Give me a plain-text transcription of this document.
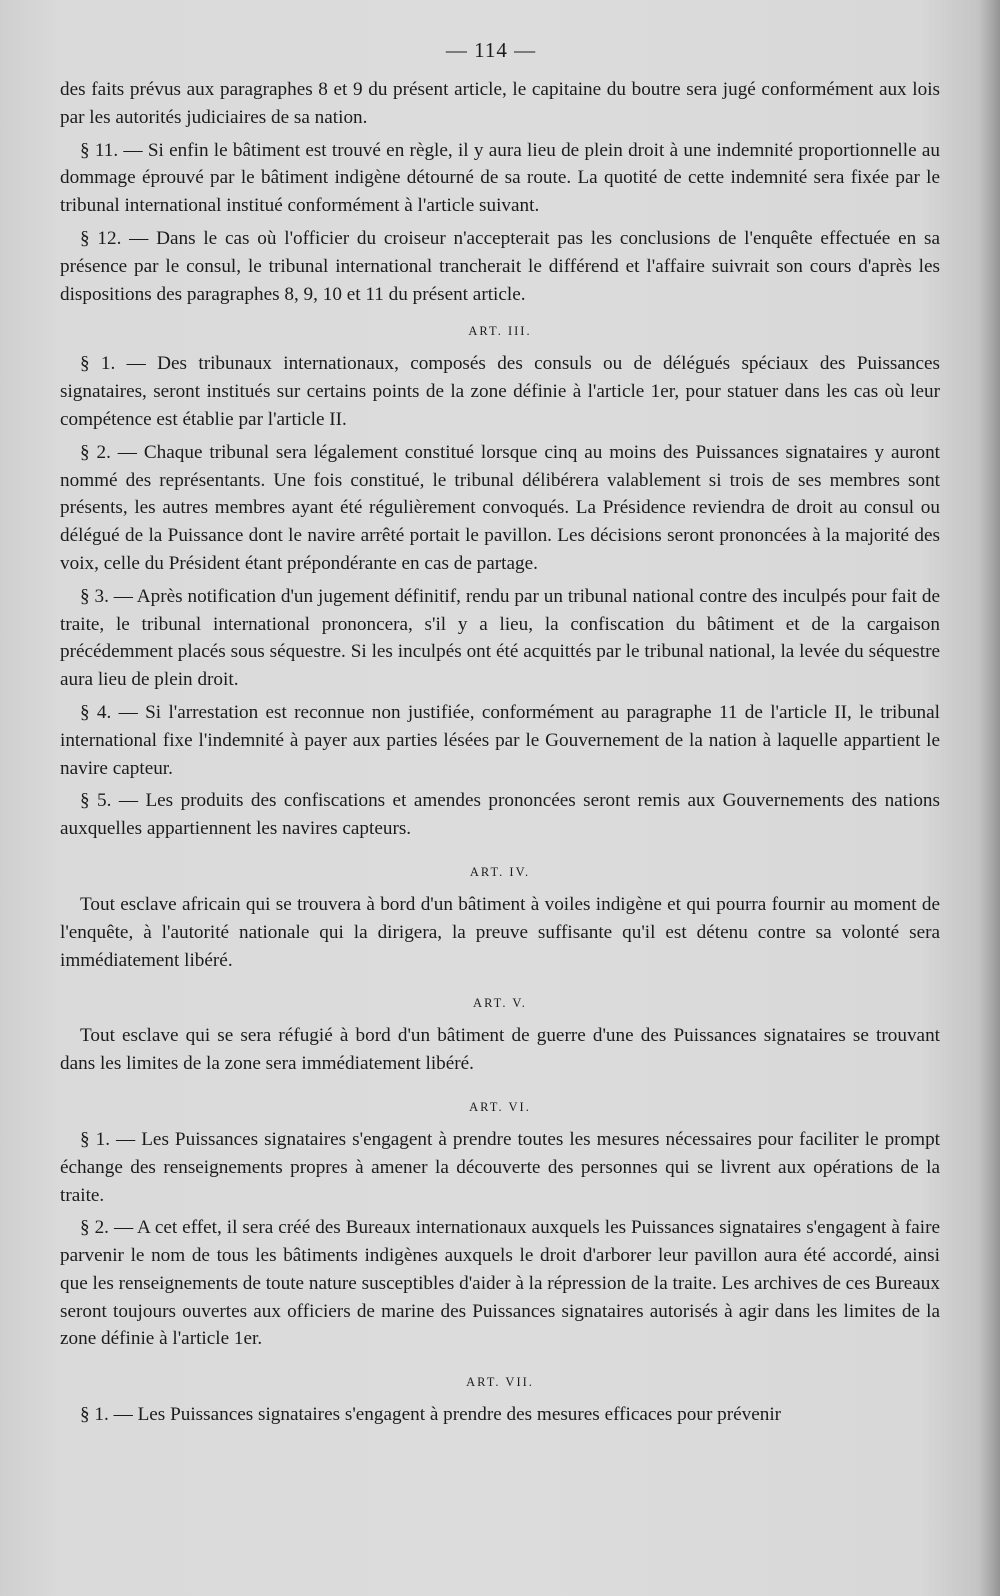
— 114 —

des faits prévus aux paragraphes 8 et 9 du présent article, le capitaine du boutre sera jugé conformément aux lois par les autorités judiciaires de sa nation.

§ 11. — Si enfin le bâtiment est trouvé en règle, il y aura lieu de plein droit à une indemnité proportionnelle au dommage éprouvé par le bâtiment indigène détourné de sa route. La quotité de cette indemnité sera fixée par le tribunal international institué conformément à l'article suivant.

§ 12. — Dans le cas où l'officier du croiseur n'accepterait pas les conclusions de l'enquête effectuée en sa présence par le consul, le tribunal international trancherait le différend et l'affaire suivrait son cours d'après les dispositions des paragraphes 8, 9, 10 et 11 du présent article.

ART. III.

§ 1. — Des tribunaux internationaux, composés des consuls ou de délégués spéciaux des Puissances signataires, seront institués sur certains points de la zone définie à l'article 1er, pour statuer dans les cas où leur compétence est établie par l'article II.

§ 2. — Chaque tribunal sera légalement constitué lorsque cinq au moins des Puissances signataires y auront nommé des représentants. Une fois constitué, le tribunal délibérera valablement si trois de ses membres sont présents, les autres membres ayant été régulièrement convoqués. La Présidence reviendra de droit au consul ou délégué de la Puissance dont le navire arrêté portait le pavillon. Les décisions seront prononcées à la majorité des voix, celle du Président étant prépondérante en cas de partage.

§ 3. — Après notification d'un jugement définitif, rendu par un tribunal national contre des inculpés pour fait de traite, le tribunal international prononcera, s'il y a lieu, la confiscation du bâtiment et de la cargaison précédemment placés sous séquestre. Si les inculpés ont été acquittés par le tribunal national, la levée du séquestre aura lieu de plein droit.

§ 4. — Si l'arrestation est reconnue non justifiée, conformément au paragraphe 11 de l'article II, le tribunal international fixe l'indemnité à payer aux parties lésées par le Gouvernement de la nation à laquelle appartient le navire capteur.

§ 5. — Les produits des confiscations et amendes prononcées seront remis aux Gouvernements des nations auxquelles appartiennent les navires capteurs.

ART. IV.

Tout esclave africain qui se trouvera à bord d'un bâtiment à voiles indigène et qui pourra fournir au moment de l'enquête, à l'autorité nationale qui la dirigera, la preuve suffisante qu'il est détenu contre sa volonté sera immédiatement libéré.

ART. V.

Tout esclave qui se sera réfugié à bord d'un bâtiment de guerre d'une des Puissances signataires se trouvant dans les limites de la zone sera immédiatement libéré.

ART. VI.

§ 1. — Les Puissances signataires s'engagent à prendre toutes les mesures nécessaires pour faciliter le prompt échange des renseignements propres à amener la découverte des personnes qui se livrent aux opérations de la traite.

§ 2. — A cet effet, il sera créé des Bureaux internationaux auxquels les Puissances signataires s'engagent à faire parvenir le nom de tous les bâtiments indigènes auxquels le droit d'arborer leur pavillon aura été accordé, ainsi que les renseignements de toute nature susceptibles d'aider à la répression de la traite. Les archives de ces Bureaux seront toujours ouvertes aux officiers de marine des Puissances signataires autorisés à agir dans les limites de la zone définie à l'article 1er.

ART. VII.

§ 1. — Les Puissances signataires s'engagent à prendre des mesures efficaces pour prévenir
